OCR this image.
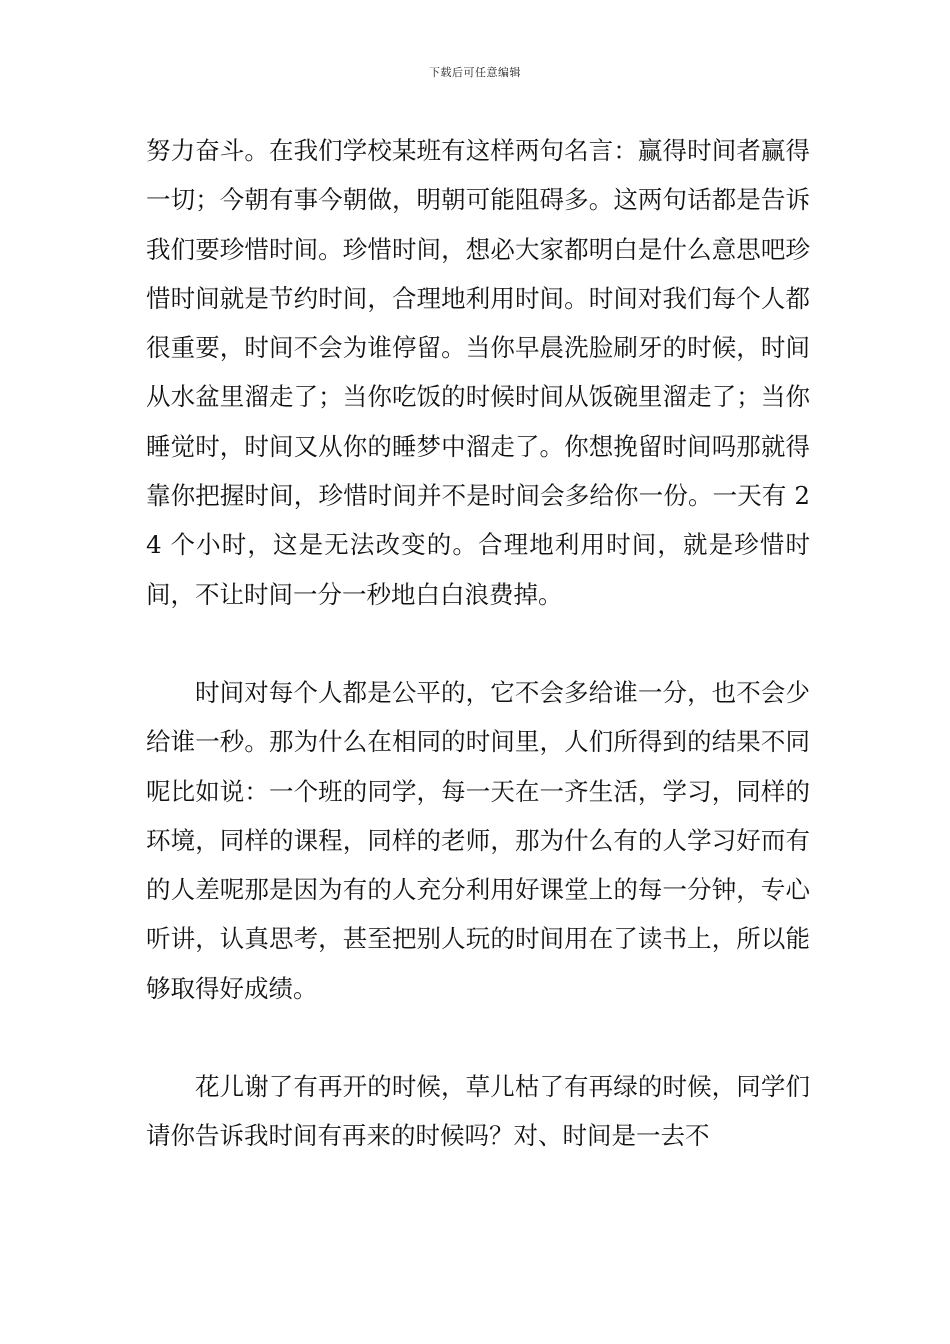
下载后可任意编辑

努力奋斗。在我们学校某班有这样两句名言：赢得时间者赢得一切；今朝有事今朝做，明朝可能阻碍多。这两句话都是告诉我们要珍惜时间。珍惜时间，想必大家都明白是什么意思吧珍惜时间就是节约时间，合理地利用时间。时间对我们每个人都很重要，时间不会为谁停留。当你早晨洗脸刷牙的时候，时间从水盆里溜走了；当你吃饭的时候时间从饭碗里溜走了；当你睡觉时，时间又从你的睡梦中溜走了。你想挽留时间吗那就得靠你把握时间，珍惜时间并不是时间会多给你一份。一天有 24 个小时，这是无法改变的。合理地利用时间，就是珍惜时间，不让时间一分一秒地白白浪费掉。

时间对每个人都是公平的，它不会多给谁一分，也不会少给谁一秒。那为什么在相同的时间里，人们所得到的结果不同呢比如说：一个班的同学，每一天在一齐生活，学习，同样的环境，同样的课程，同样的老师，那为什么有的人学习好而有的人差呢那是因为有的人充分利用好课堂上的每一分钟，专心听讲，认真思考，甚至把别人玩的时间用在了读书上，所以能够取得好成绩。

花儿谢了有再开的时候，草儿枯了有再绿的时候，同学们请你告诉我时间有再来的时候吗？对、时间是一去不
